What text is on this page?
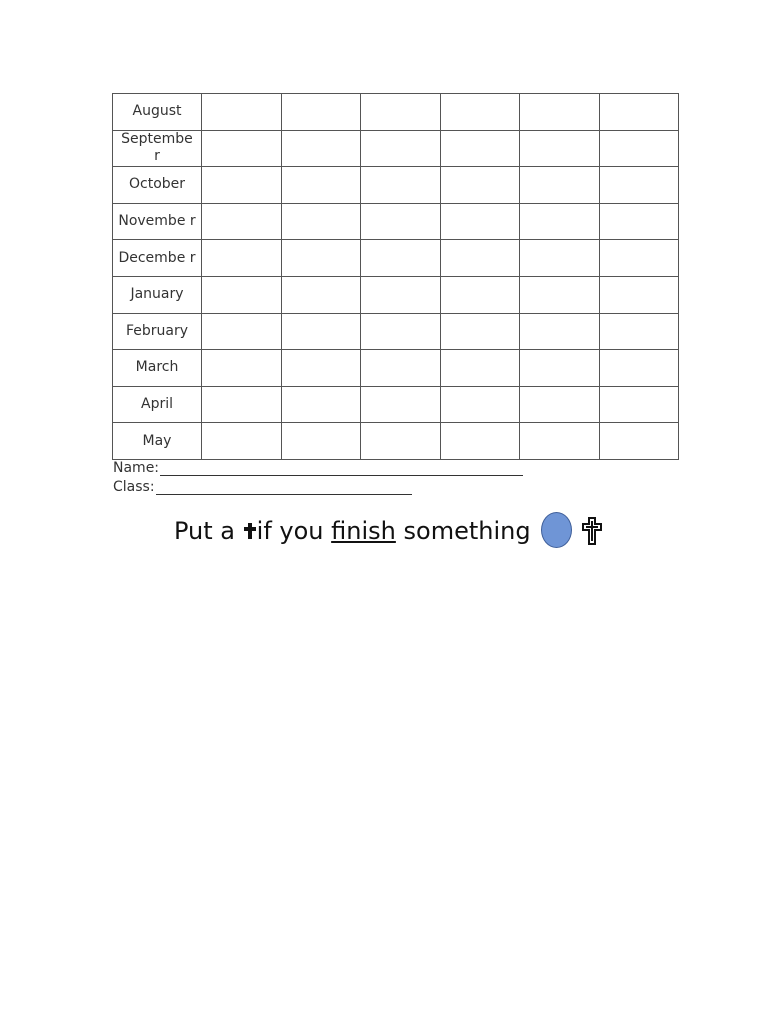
August						
Septembe r						
October						
Novembe r						
Decembe r						
January						
February						
March						
April						
May						
Name:
Class:
Put a if you finish something
